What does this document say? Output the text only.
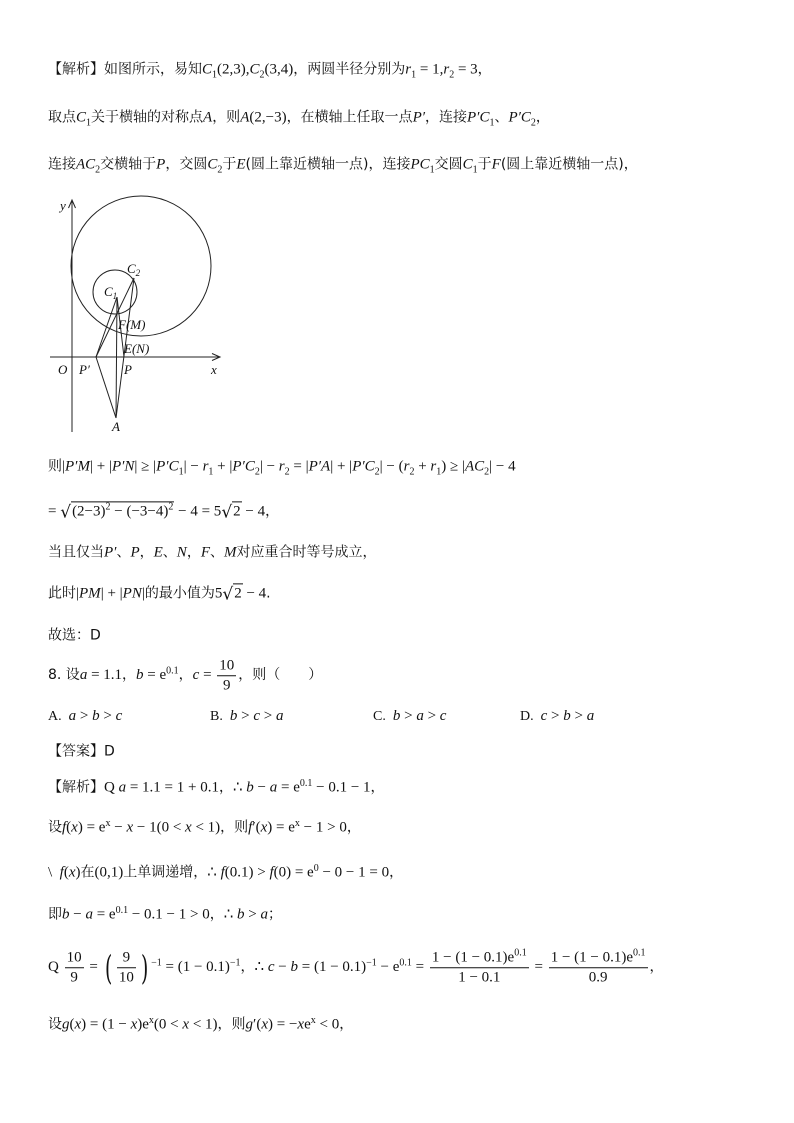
y
x
O P′	P
$C_1$
$C_2$
F(M)
E(N)
A
【解析】如图所示，易知$C_1(2,3),C_2(3,4)$，两圆半径分别为$r_1 = 1,r_2 = 3$，
取点$C_1$关于横轴的对称点A，则A(2,−3)，在横轴上任取一点P′，连接$P'C_1$、$P'C_2$，
连接$AC_2$交横轴于P，交圆$C_2$于E(圆上靠近横轴一点)，连接$PC_1$交圆$C_1$于F(圆上靠近横轴一点)，
则$|P'M| + |P'N| \ge |P'C_1| - r_1 + |P'C_2| - r_2 = |P'A| + |P'C_2| - (r_2 + r_1) \ge |AC_2| - 4$
= $√(2-3)^2 - (-3-4)^2 - 4 = 5√2 - 4$，
当且仅当P′、P，E、N，F、M对应重合时等号成立，
此时|PM| + |PN|的最小值为5√2 − 4.
故选：D
8. 设a = 1.1，$b = e^{0.1}$，$c = \frac{10}{9}$ ，则（　　）
A.  a > b > c	B.  b > c > a	C.  b > a > c	D.  c > b > a
【答案】D
【解析】Q a = 1.1 = 1 + 0.1，∴ $b - a = e^{0.1} - 0.1 - 1$，
设$f(x) = e^x - x - 1(0 < x < 1)$，则$f'(x) = e^x - 1 > 0$，
\  f(x)在(0,1)上单调递增，∴ $f(0.1) > f(0) = e^0 - 0 - 1 = 0$，
即$b - a = e^{0.1} - 0.1 - 1 > 0$，∴ b > a；
Q $\frac{10}{9}$ = ( $\frac{9}{10}$ ) $^{-1} = (1 - 0.1)^{-1}$，∴ $c - b = (1 - 0.1)^{-1} - e^{0.1} = \frac{1 - (1 - 0.1)e^{0.1}}{1 - 0.1} = \frac{1 - (1 - 0.1)e^{0.1}}{0.9}$ ，
设$g(x) = (1 - x)e^x(0 < x < 1)$，则$g'(x) = -xe^x < 0$，
